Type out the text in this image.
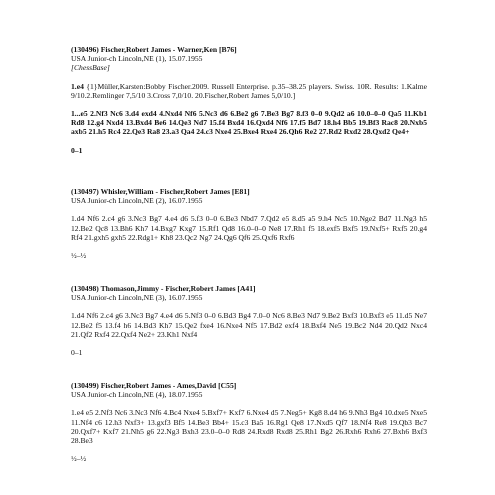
(130496) Fischer,Robert James - Warner,Ken [B76]

USA Junior-ch Lincoln,NE (1), 15.07.1955

[ChessBase]

1.e4 {1}Müller,Karsten:Bobby Fischer.2009. Russell Enterprise. p.35–38.25 players. Swiss. 10R. Results: 1.Kalme 9/10.2.Remlinger 7,5/10 3.Cross 7,0/10. 20.Fischer,Robert James 5,0/10.]

1...e5 2.Nf3 Nc6 3.d4 exd4 4.Nxd4 Nf6 5.Nc3 d6 6.Be2 g6 7.Be3 Bg7 8.f3 0–0 9.Qd2 a6 10.0–0–0 Qa5 11.Kb1 Rd8 12.g4 Nxd4 13.Bxd4 Be6 14.Qe3 Nd7 15.f4 Bxd4 16.Qxd4 Nf6 17.f5 Bd7 18.h4 Bb5 19.Bf3 Rac8 20.Nxb5 axb5 21.h5 Rc4 22.Qe3 Ra8 23.a3 Qa4 24.c3 Nxe4 25.Bxe4 Rxe4 26.Qh6 Re2 27.Rd2 Rxd2 28.Qxd2 Qe4+

0–1

(130497) Whisler,William - Fischer,Robert James [E81]

USA Junior-ch Lincoln,NE (2), 16.07.1955

1.d4 Nf6 2.c4 g6 3.Nc3 Bg7 4.e4 d6 5.f3 0–0 6.Be3 Nbd7 7.Qd2 e5 8.d5 a5 9.h4 Nc5 10.Nge2 Bd7 11.Ng3 h5 12.Be2 Qc8 13.Bh6 Kh7 14.Bxg7 Kxg7 15.Rf1 Qd8 16.0–0–0 Ne8 17.Rh1 f5 18.exf5 Bxf5 19.Nxf5+ Rxf5 20.g4 Rf4 21.gxh5 gxh5 22.Rdg1+ Kh8 23.Qc2 Ng7 24.Qg6 Qf6 25.Qxf6 Rxf6

½–½

(130498) Thomason,Jimmy - Fischer,Robert James [A41]

USA Junior-ch Lincoln,NE (3), 16.07.1955

1.d4 Nf6 2.c4 g6 3.Nc3 Bg7 4.e4 d6 5.Nf3 0–0 6.Bd3 Bg4 7.0–0 Nc6 8.Be3 Nd7 9.Be2 Bxf3 10.Bxf3 e5 11.d5 Ne7 12.Be2 f5 13.f4 h6 14.Bd3 Kh7 15.Qe2 fxe4 16.Nxe4 Nf5 17.Bd2 exf4 18.Bxf4 Ne5 19.Bc2 Nd4 20.Qd2 Nxc4 21.Qf2 Rxf4 22.Qxf4 Ne2+ 23.Kh1 Nxf4

0–1

(130499) Fischer,Robert James - Ames,David [C55]

USA Junior-ch Lincoln,NE (4), 18.07.1955

1.e4 e5 2.Nf3 Nc6 3.Nc3 Nf6 4.Bc4 Nxe4 5.Bxf7+ Kxf7 6.Nxe4 d5 7.Neg5+ Kg8 8.d4 h6 9.Nh3 Bg4 10.dxe5 Nxe5 11.Nf4 c6 12.h3 Nxf3+ 13.gxf3 Bf5 14.Be3 Bb4+ 15.c3 Ba5 16.Rg1 Qe8 17.Nxd5 Qf7 18.Nf4 Re8 19.Qb3 Bc7 20.Qxf7+ Kxf7 21.Nh5 g6 22.Ng3 Bxh3 23.0–0–0 Rd8 24.Rxd8 Rxd8 25.Rh1 Bg2 26.Rxh6 Rxh6 27.Bxh6 Bxf3 28.Be3

½–½
